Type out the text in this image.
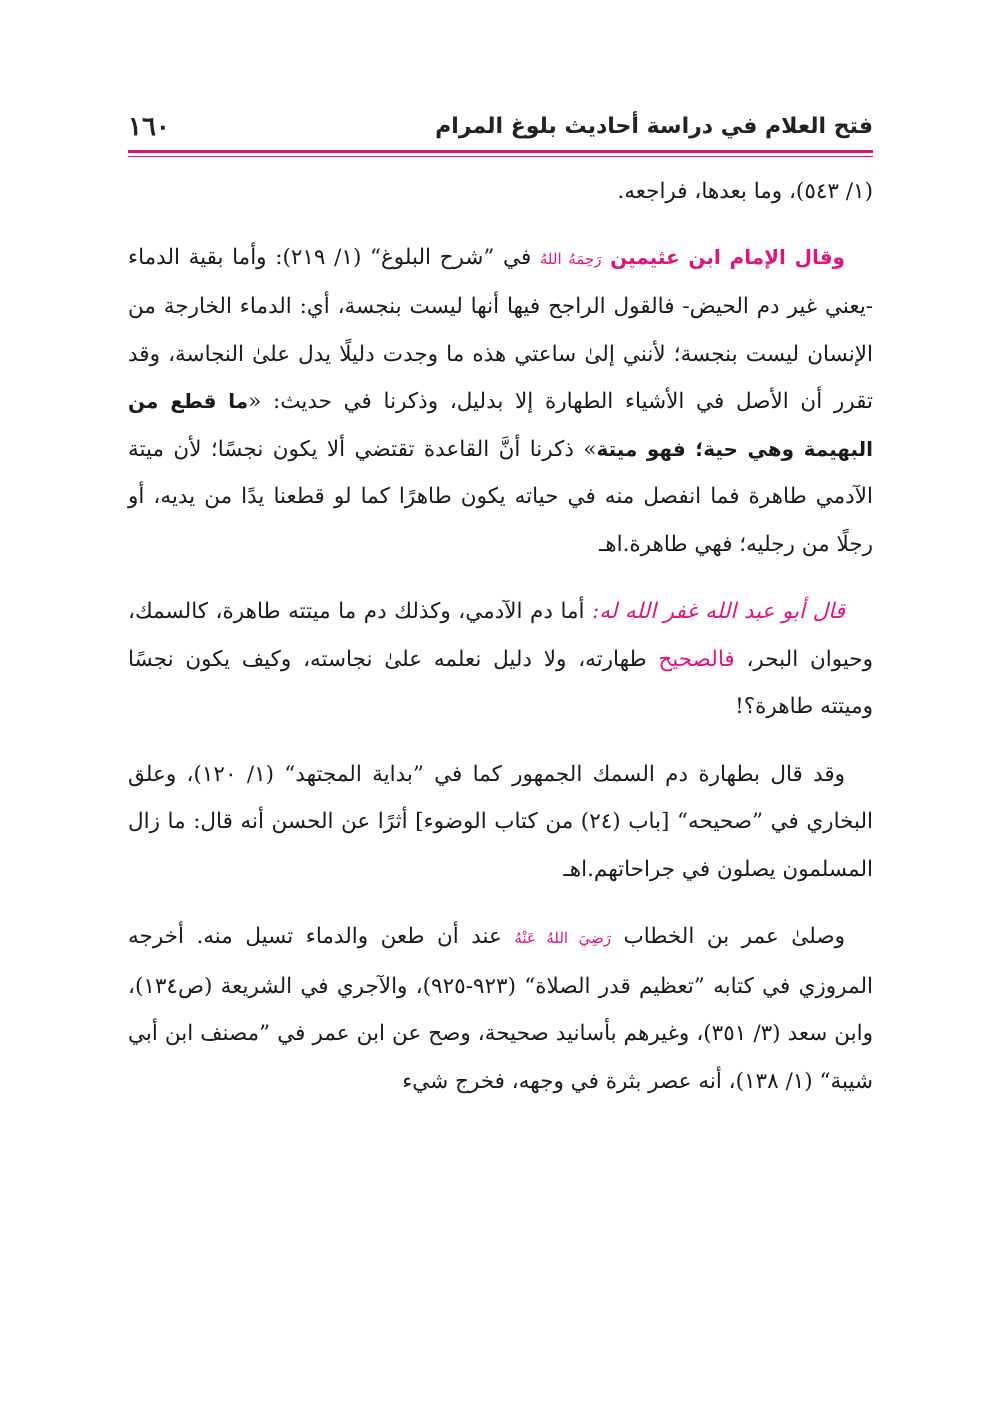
فتح العلام في دراسة أحاديث بلوغ المرام
١٦٠

(١/ ٥٤٣)، وما بعدها، فراجعه.

وقال الإمام ابن عثيمين رَحِمَهُ اللهُ في ”شرح البلوغ“ (١/ ٢١٩): وأما بقية الدماء -يعني غير دم الحيض- فالقول الراجح فيها أنها ليست بنجسة، أي: الدماء الخارجة من الإنسان ليست بنجسة؛ لأنني إلىٰ ساعتي هذه ما وجدت دليلًا يدل علىٰ النجاسة، وقد تقرر أن الأصل في الأشياء الطهارة إلا بدليل، وذكرنا في حديث: «ما قطع من البهيمة وهي حية؛ فهو ميتة» ذكرنا أنَّ القاعدة تقتضي ألا يكون نجسًا؛ لأن ميتة الآدمي طاهرة فما انفصل منه في حياته يكون طاهرًا كما لو قطعنا يدًا من يديه، أو رجلًا من رجليه؛ فهي طاهرة.اهـ

قال أبو عبد الله غفر الله له: أما دم الآدمي، وكذلك دم ما ميتته طاهرة، كالسمك، وحيوان البحر، فالصحيح طهارته، ولا دليل نعلمه علىٰ نجاسته، وكيف يكون نجسًا وميتته طاهرة؟!

وقد قال بطهارة دم السمك الجمهور كما في ”بداية المجتهد“ (١/ ١٢٠)، وعلق البخاري في ”صحيحه“ [باب (٢٤) من كتاب الوضوء] أثرًا عن الحسن أنه قال: ما زال المسلمون يصلون في جراحاتهم.اهـ

وصلىٰ عمر بن الخطاب رَضِيَ اللهُ عَنْهُ عند أن طعن والدماء تسيل منه. أخرجه المروزي في كتابه ”تعظيم قدر الصلاة“ (٩٢٣-٩٢٥)، والآجري في الشريعة (ص١٣٤)، وابن سعد (٣/ ٣٥١)، وغيرهم بأسانيد صحيحة، وصح عن ابن عمر في ”مصنف ابن أبي شيبة“ (١/ ١٣٨)، أنه عصر بثرة في وجهه، فخرج شيء
